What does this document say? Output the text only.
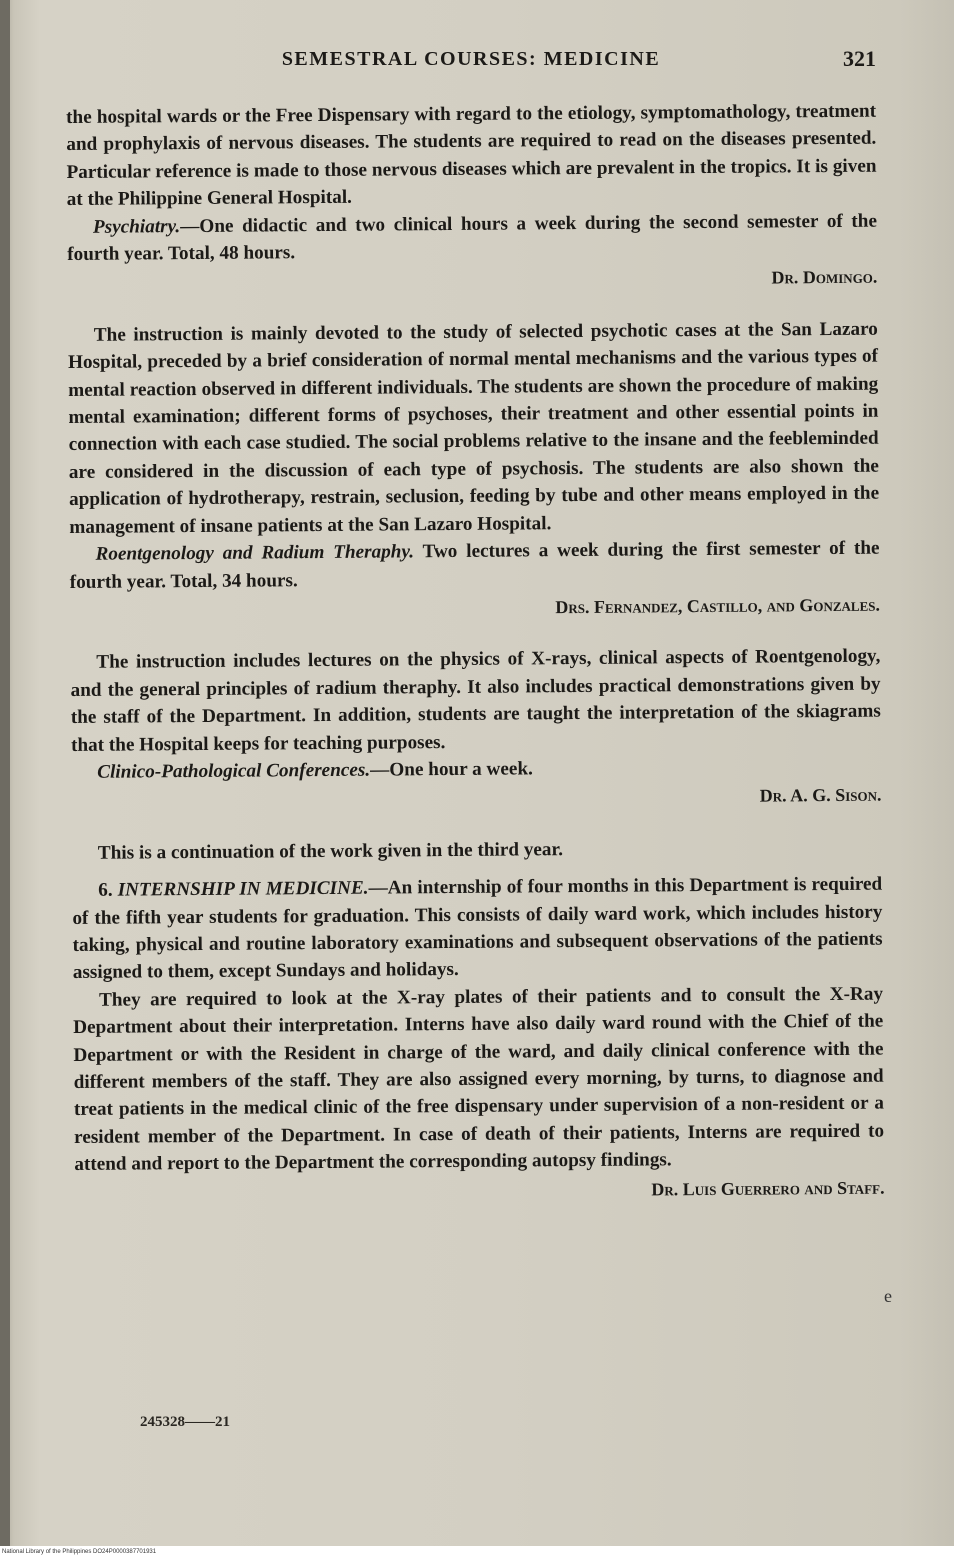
SEMESTRAL COURSES: MEDICINE	321

the hospital wards or the Free Dispensary with regard to the etiology, symptomathology, treatment and prophylaxis of nervous diseases. The students are required to read on the diseases presented. Particular reference is made to those nervous diseases which are prevalent in the tropics. It is given at the Philippine General Hospital.

Psychiatry.—One didactic and two clinical hours a week during the second semester of the fourth year. Total, 48 hours.

Dr. Domingo.

The instruction is mainly devoted to the study of selected psychotic cases at the San Lazaro Hospital, preceded by a brief consideration of normal mental mechanisms and the various types of mental reaction observed in different individuals. The students are shown the procedure of making mental examination; different forms of psychoses, their treatment and other essential points in connection with each case studied. The social problems relative to the insane and the feebleminded are considered in the discussion of each type of psychosis. The students are also shown the application of hydrotherapy, restrain, seclusion, feeding by tube and other means employed in the management of insane patients at the San Lazaro Hospital.

Roentgenology and Radium Theraphy. Two lectures a week during the first semester of the fourth year. Total, 34 hours.

Drs. Fernandez, Castillo, and Gonzales.

The instruction includes lectures on the physics of X-rays, clinical aspects of Roentgenology, and the general principles of radium theraphy. It also includes practical demonstrations given by the staff of the Department. In addition, students are taught the interpretation of the skiagrams that the Hospital keeps for teaching purposes.

Clinico-Pathological Conferences.—One hour a week.

Dr. A. G. Sison.

This is a continuation of the work given in the third year.

6. INTERNSHIP IN MEDICINE.—An internship of four months in this Department is required of the fifth year students for graduation. This consists of daily ward work, which includes history taking, physical and routine laboratory examinations and subsequent observations of the patients assigned to them, except Sundays and holidays.

They are required to look at the X-ray plates of their patients and to consult the X-Ray Department about their interpretation. Interns have also daily ward round with the Chief of the Department or with the Resident in charge of the ward, and daily clinical conference with the different members of the staff. They are also assigned every morning, by turns, to diagnose and treat patients in the medical clinic of the free dispensary under supervision of a non-resident or a resident member of the Department. In case of death of their patients, Interns are required to attend and report to the Department the corresponding autopsy findings.

Dr. Luis Guerrero and Staff.
245328——21
e
National Library of the Philippines DO24P0000387701931
